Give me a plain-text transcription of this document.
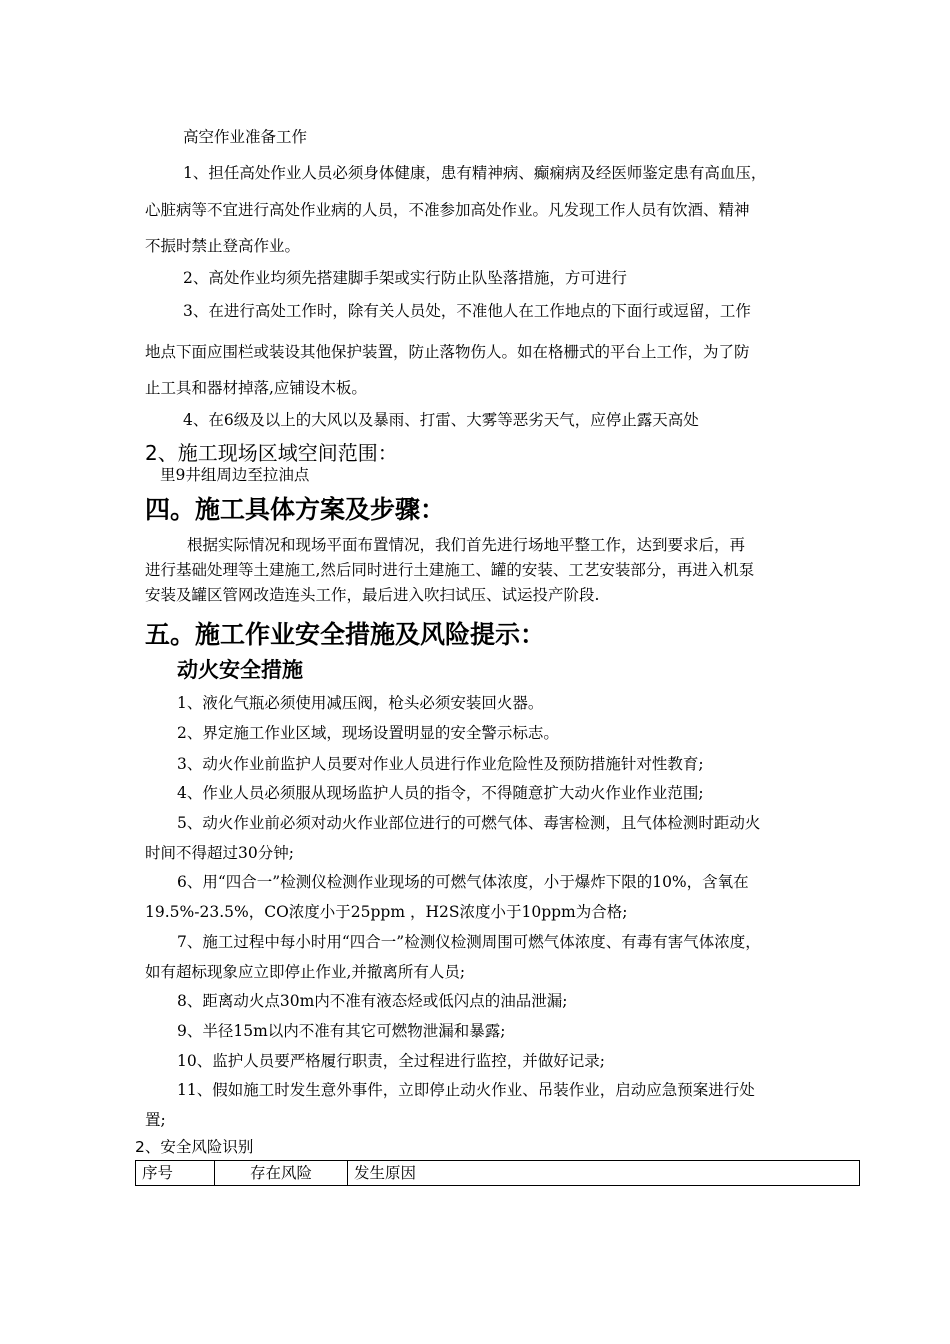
高空作业准备工作
1、担任高处作业人员必须身体健康，患有精神病、癫痫病及经医师鉴定患有高血压，
心脏病等不宜进行高处作业病的人员，不准参加高处作业。凡发现工作人员有饮酒、精神
不振时禁止登高作业。
2、高处作业均须先搭建脚手架或实行防止队坠落措施，方可进行
3、在进行高处工作时，除有关人员处，不准他人在工作地点的下面行或逗留，工作
地点下面应围栏或装设其他保护装置，防止落物伤人。如在格栅式的平台上工作，为了防
止工具和器材掉落,应铺设木板。
4、在6级及以上的大风以及暴雨、打雷、大雾等恶劣天气，应停止露天高处
2、施工现场区域空间范围：
里9井组周边至拉油点
四。施工具体方案及步骤：
根据实际情况和现场平面布置情况，我们首先进行场地平整工作，达到要求后，再
进行基础处理等土建施工,然后同时进行土建施工、罐的安装、工艺安装部分，再进入机泵
安装及罐区管网改造连头工作，最后进入吹扫试压、试运投产阶段.
五。施工作业安全措施及风险提示：
动火安全措施
1、液化气瓶必须使用减压阀，枪头必须安装回火器。
2、界定施工作业区域，现场设置明显的安全警示标志。
3、动火作业前监护人员要对作业人员进行作业危险性及预防措施针对性教育;
4、作业人员必须服从现场监护人员的指令，不得随意扩大动火作业作业范围;
5、动火作业前必须对动火作业部位进行的可燃气体、毒害检测，且气体检测时距动火
时间不得超过30分钟;
6、用“四合一”检测仪检测作业现场的可燃气体浓度，小于爆炸下限的10%，含氧在
19.5%-23.5%，CO浓度小于25ppm ，H2S浓度小于10ppm为合格;
7、施工过程中每小时用“四合一”检测仪检测周围可燃气体浓度、有毒有害气体浓度，
如有超标现象应立即停止作业,并撤离所有人员;
8、距离动火点30m内不准有液态烃或低闪点的油品泄漏;
9、半径15m以内不准有其它可燃物泄漏和暴露;
10、监护人员要严格履行职责，全过程进行监控，并做好记录;
11、假如施工时发生意外事件，立即停止动火作业、吊装作业，启动应急预案进行处
置;
2、安全风险识别
序号	存在风险	发生原因
